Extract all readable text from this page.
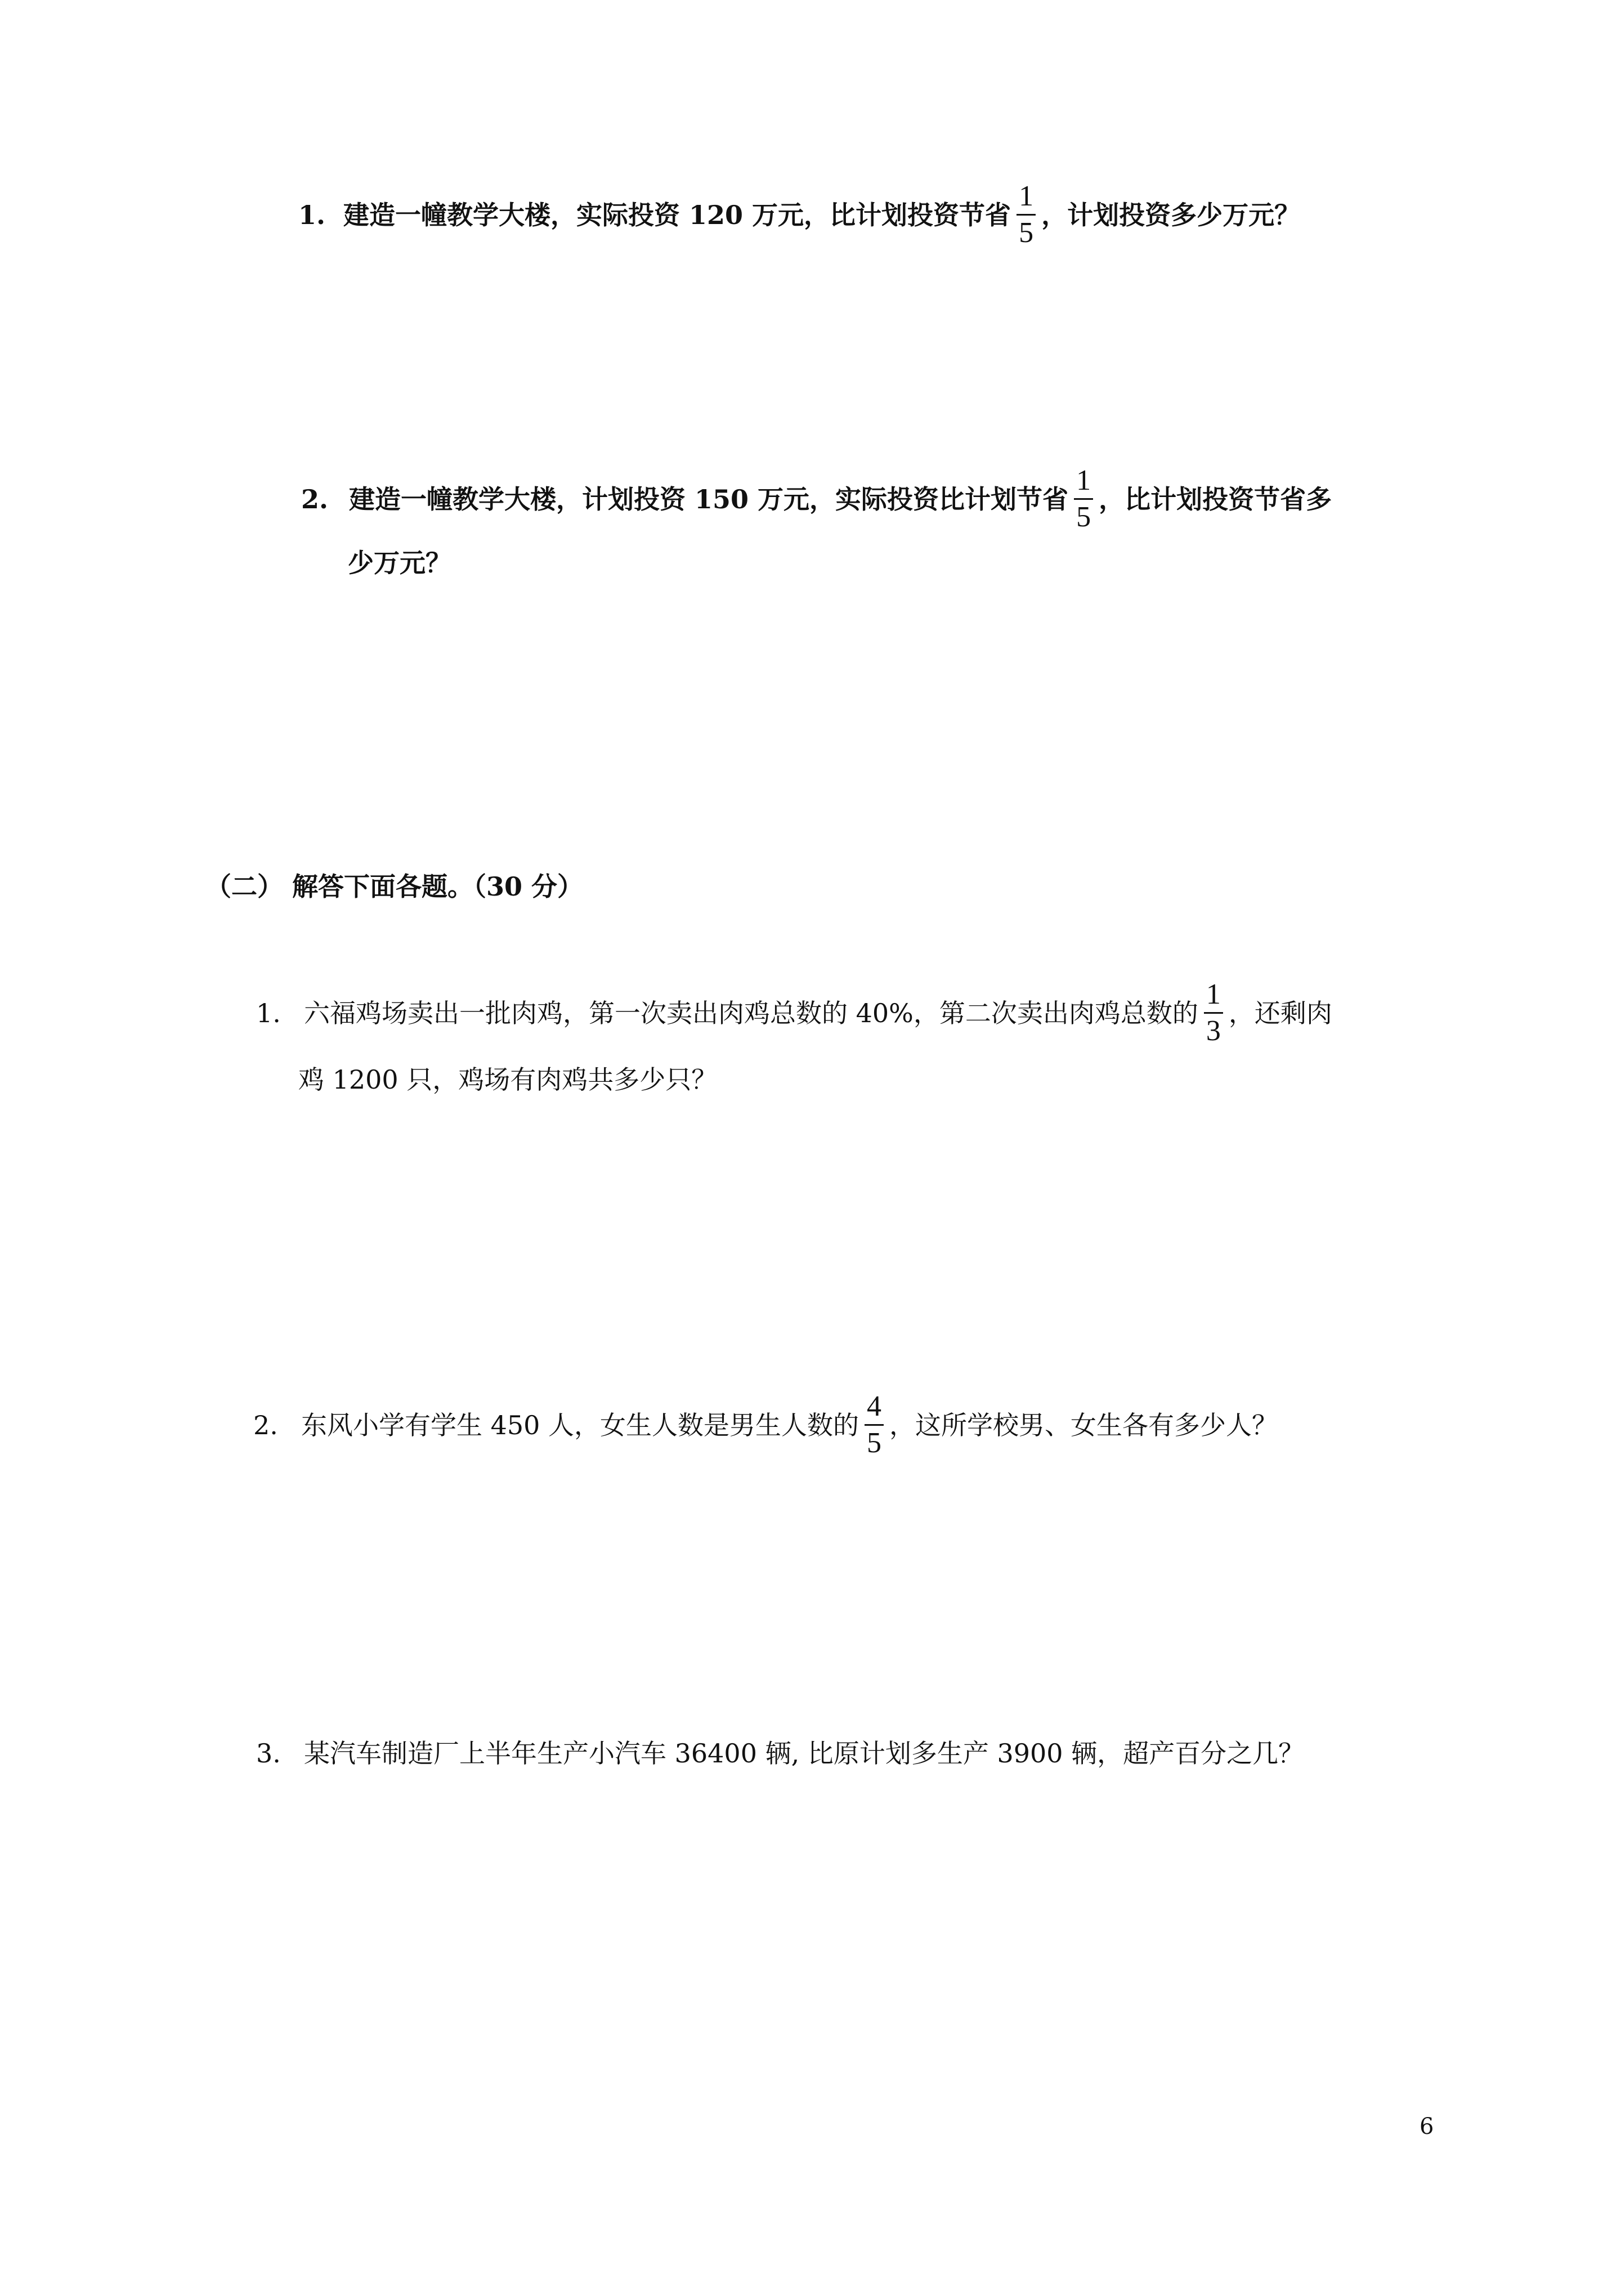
1. 建造一幢教学大楼，实际投资 120 万元，比计划投资节省 $\frac{1}{5}$ ，计划投资多少万元？
2. 建造一幢教学大楼，计划投资 150 万元，实际投资比计划节省 $\frac{1}{5}$ ，比计划投资节省多
少万元？
（二） 解答下面各题。（30 分）
1. 六福鸡场卖出一批肉鸡，第一次卖出肉鸡总数的 40%，第二次卖出肉鸡总数的 $\frac{1}{3}$ ，还剩肉
鸡 1200 只，鸡场有肉鸡共多少只？
2. 东风小学有学生 450 人，女生人数是男生人数的 $\frac{4}{5}$ ，这所学校男、女生各有多少人？
3. 某汽车制造厂上半年生产小汽车 36400 辆, 比原计划多生产 3900 辆，超产百分之几？
6
